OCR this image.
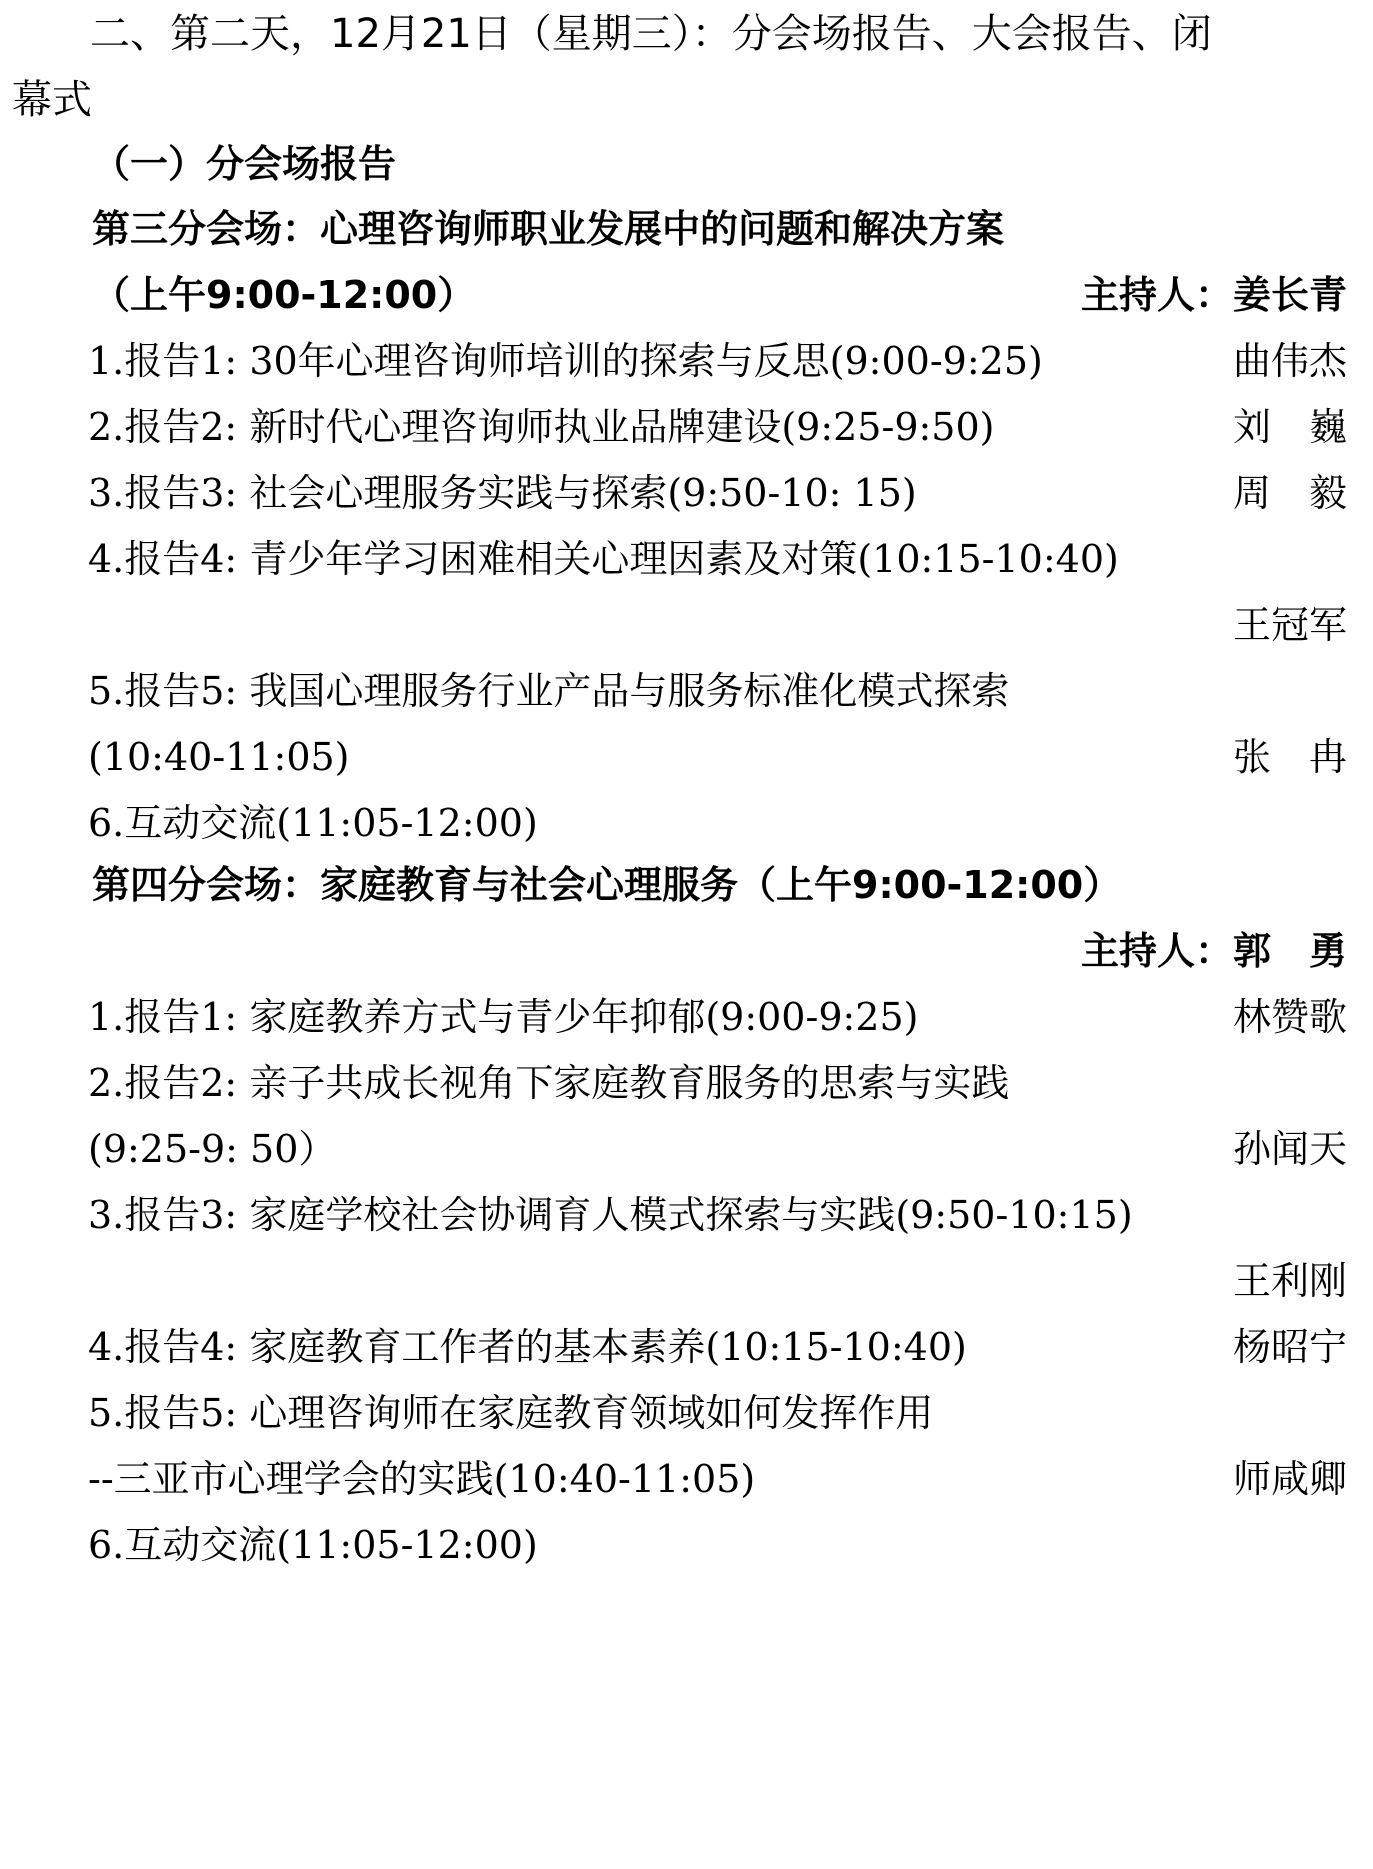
二、第二天，12月21日（星期三）：分会场报告、大会报告、闭
幕式
（一）分会场报告
第三分会场：心理咨询师职业发展中的问题和解决方案
（上午9:00-12:00）	主持人：姜长青
1.报告1: 30年心理咨询师培训的探索与反思(9:00-9:25)	曲伟杰
2.报告2: 新时代心理咨询师执业品牌建设(9:25-9:50)	刘　巍
3.报告3: 社会心理服务实践与探索(9:50-10: 15)	周　毅
4.报告4: 青少年学习困难相关心理因素及对策(10:15-10:40)
王冠军
5.报告5: 我国心理服务行业产品与服务标准化模式探索
(10:40-11:05)	张　冉
6.互动交流(11:05-12:00)
第四分会场：家庭教育与社会心理服务（上午9:00-12:00）
主持人：郭　勇
1.报告1: 家庭教养方式与青少年抑郁(9:00-9:25)	林赞歌
2.报告2: 亲子共成长视角下家庭教育服务的思索与实践
(9:25-9: 50）	孙闻天
3.报告3: 家庭学校社会协调育人模式探索与实践(9:50-10:15)
王利刚
4.报告4: 家庭教育工作者的基本素养(10:15-10:40)	杨昭宁
5.报告5: 心理咨询师在家庭教育领域如何发挥作用
--三亚市心理学会的实践(10:40-11:05)	师咸卿
6.互动交流(11:05-12:00)
